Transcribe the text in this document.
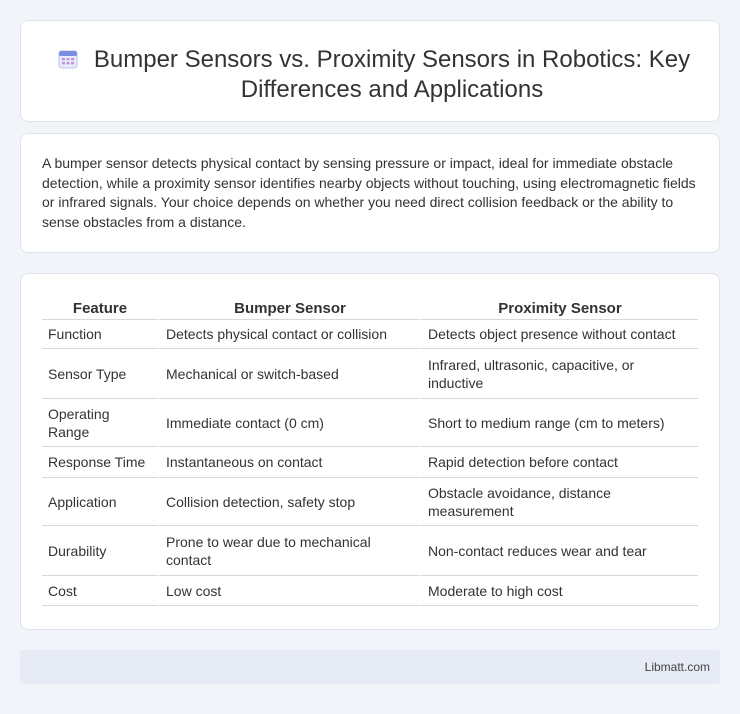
Bumper Sensors vs. Proximity Sensors in Robotics: Key Differences and Applications

A bumper sensor detects physical contact by sensing pressure or impact, ideal for immediate obstacle detection, while a proximity sensor identifies nearby objects without touching, using electromagnetic fields or infrared signals. Your choice depends on whether you need direct collision feedback or the ability to sense obstacles from a distance.

Feature	Bumper Sensor	Proximity Sensor
Function	Detects physical contact or collision	Detects object presence without contact
Sensor Type	Mechanical or switch-based	Infrared, ultrasonic, capacitive, or inductive
Operating Range	Immediate contact (0 cm)	Short to medium range (cm to meters)
Response Time	Instantaneous on contact	Rapid detection before contact
Application	Collision detection, safety stop	Obstacle avoidance, distance measurement
Durability	Prone to wear due to mechanical contact	Non-contact reduces wear and tear
Cost	Low cost	Moderate to high cost
Libmatt.com
